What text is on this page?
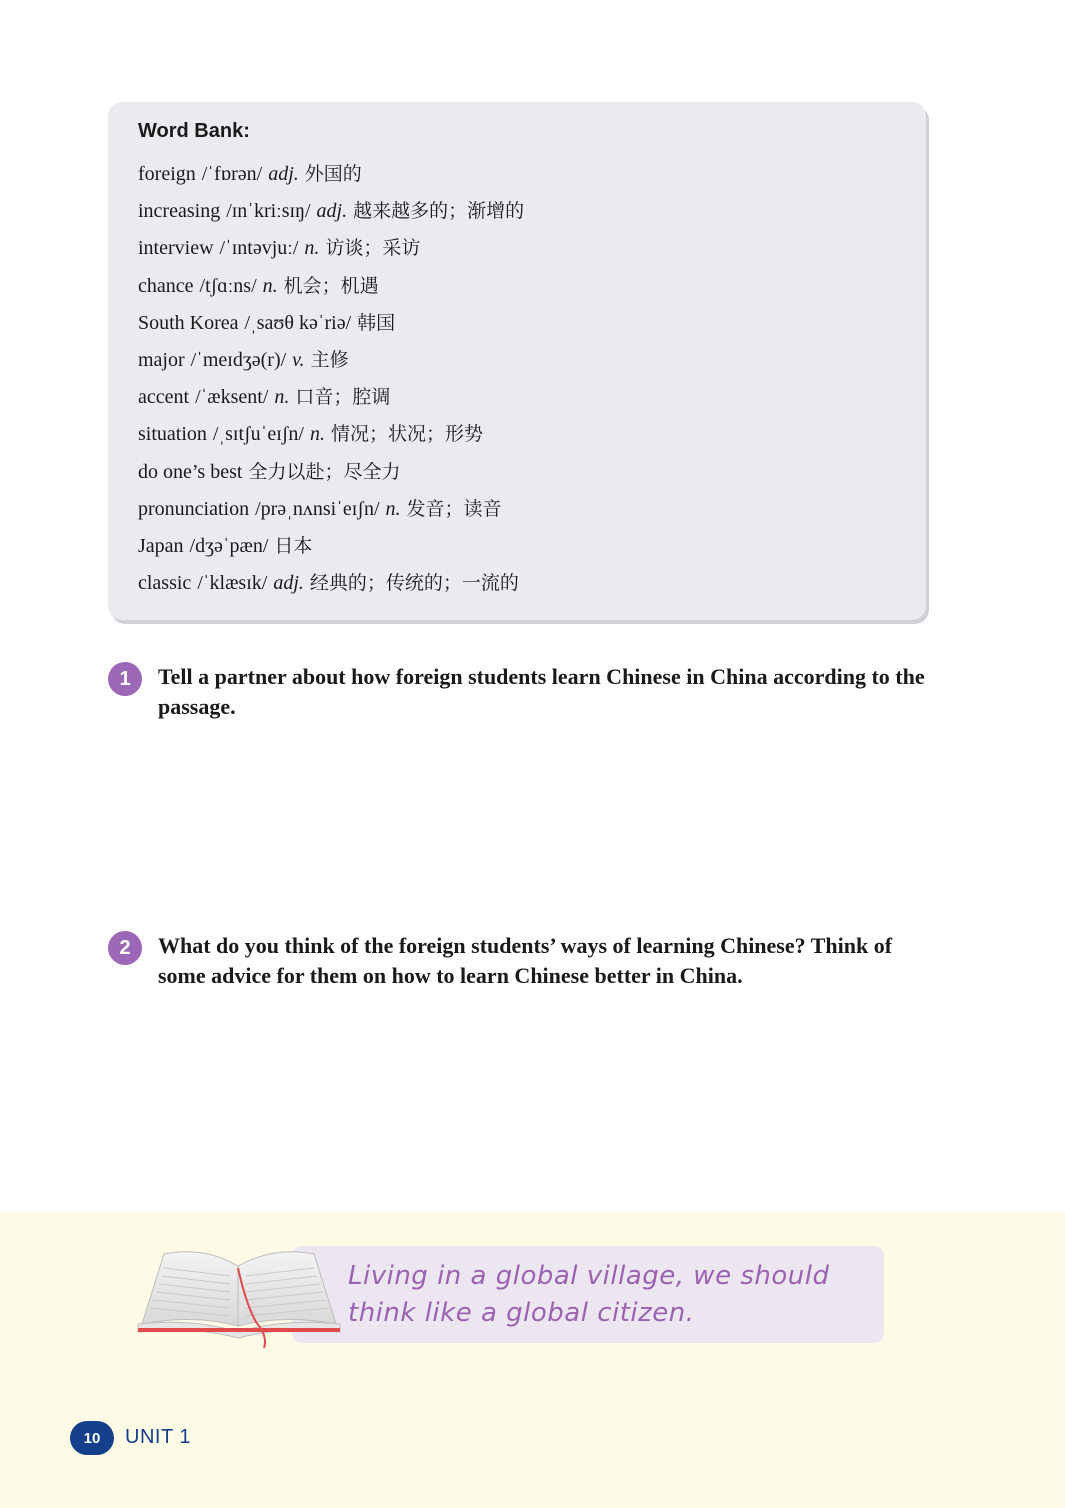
Word Bank:
foreign /ˈfɒrən/ adj. 外国的
increasing /ɪnˈkriːsɪŋ/ adj. 越来越多的；渐增的
interview /ˈɪntəvjuː/ n. 访谈；采访
chance /tʃɑːns/ n. 机会；机遇
South Korea /ˌsaʊθ kəˈriə/ 韩国
major /ˈmeɪdʒə(r)/ v. 主修
accent /ˈæksent/ n. 口音；腔调
situation /ˌsɪtʃuˈeɪʃn/ n. 情况；状况；形势
do one’s best 全力以赴；尽全力
pronunciation /prəˌnʌnsiˈeɪʃn/ n. 发音；读音
Japan /dʒəˈpæn/ 日本
classic /ˈklæsɪk/ adj. 经典的；传统的；一流的
1	Tell a partner about how foreign students learn Chinese in China according to the passage.
2	What do you think of the foreign students’ ways of learning Chinese? Think of some advice for them on how to learn Chinese better in China.
Living in a global village, we should think like a global citizen.
10	UNIT 1
